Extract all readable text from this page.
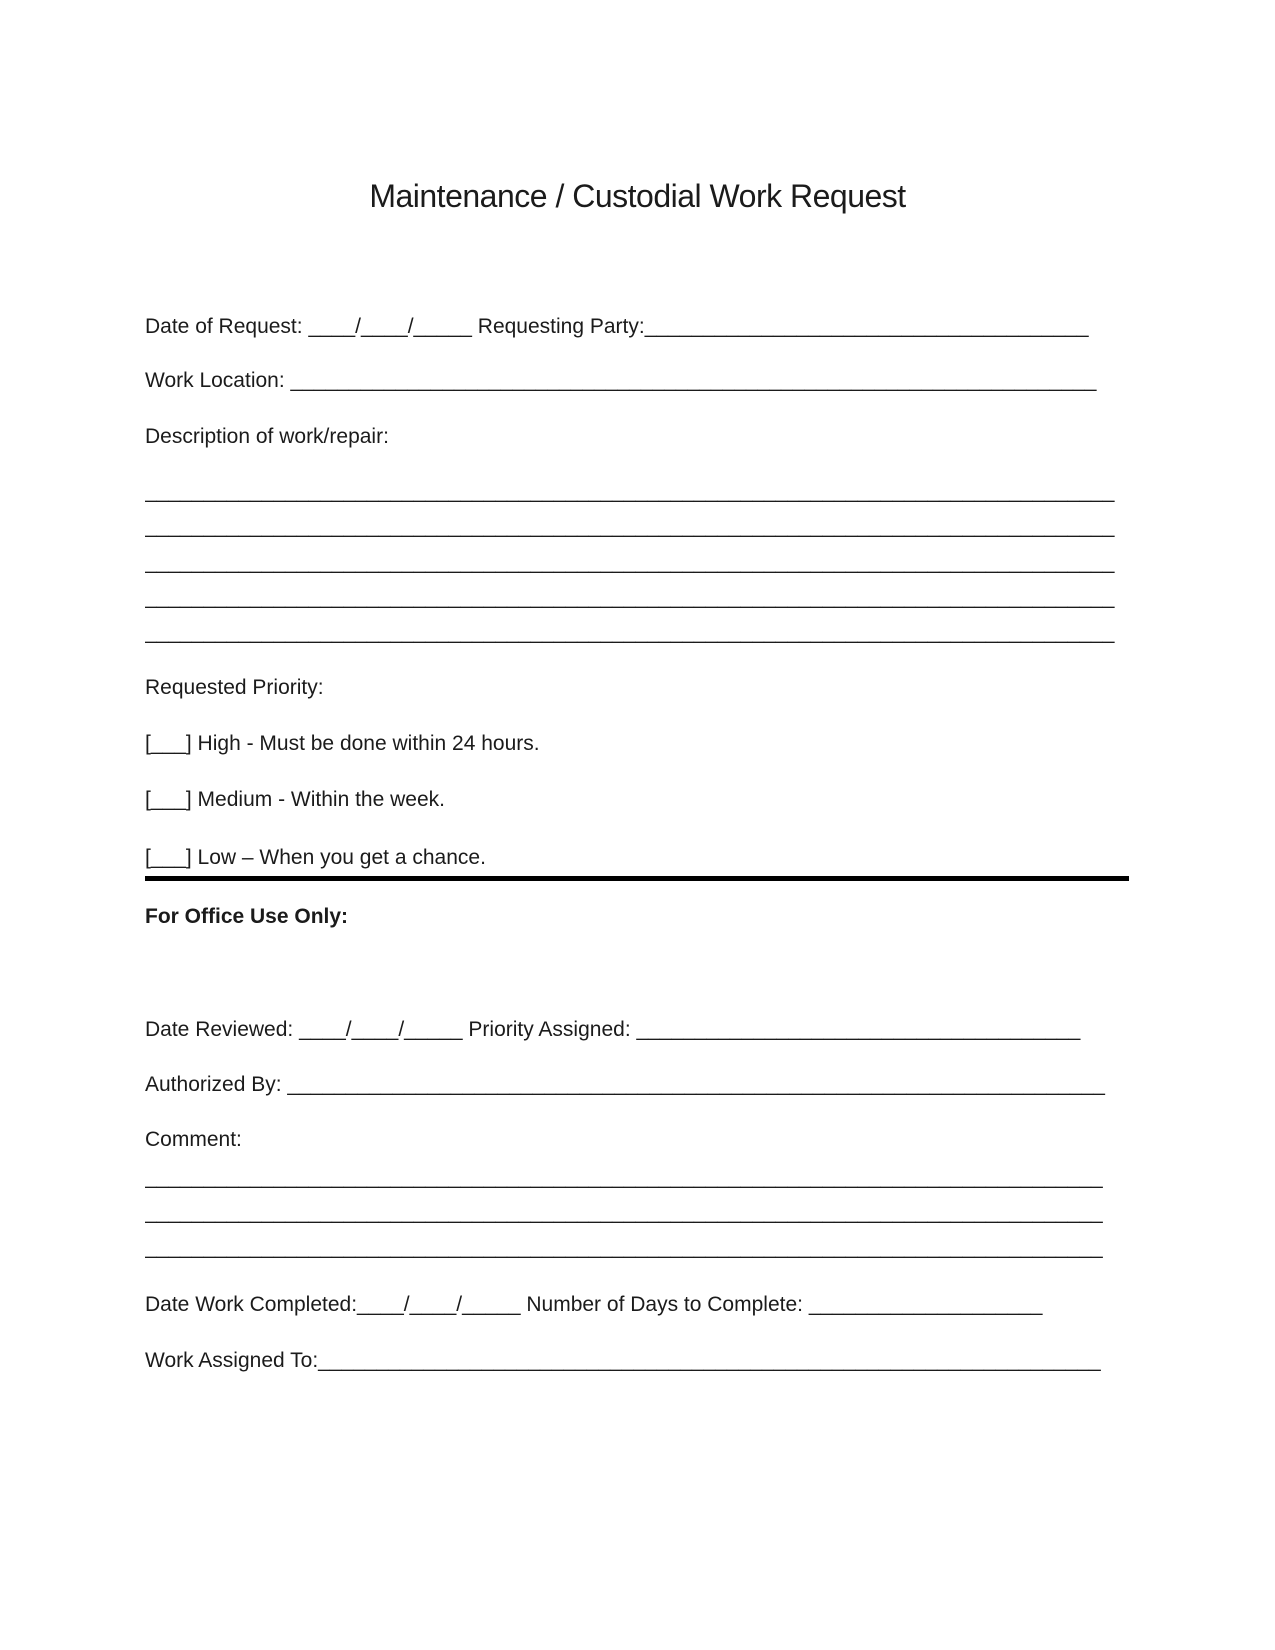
Maintenance / Custodial Work Request
Date of Request: ____/____/_____ Requesting Party:______________________________________
Work Location: _____________________________________________________________________
Description of work/repair:
___________________________________________________________________________________
___________________________________________________________________________________
___________________________________________________________________________________
___________________________________________________________________________________
___________________________________________________________________________________
Requested Priority:
[___] High - Must be done within 24 hours.
[___] Medium - Within the week.
[___] Low – When you get a chance.
For Office Use Only:
Date Reviewed: ____/____/_____ Priority Assigned: ______________________________________
Authorized By: ______________________________________________________________________
Comment:
__________________________________________________________________________________
__________________________________________________________________________________
__________________________________________________________________________________
Date Work Completed:____/____/_____ Number of Days to Complete: ____________________
Work Assigned To:___________________________________________________________________
